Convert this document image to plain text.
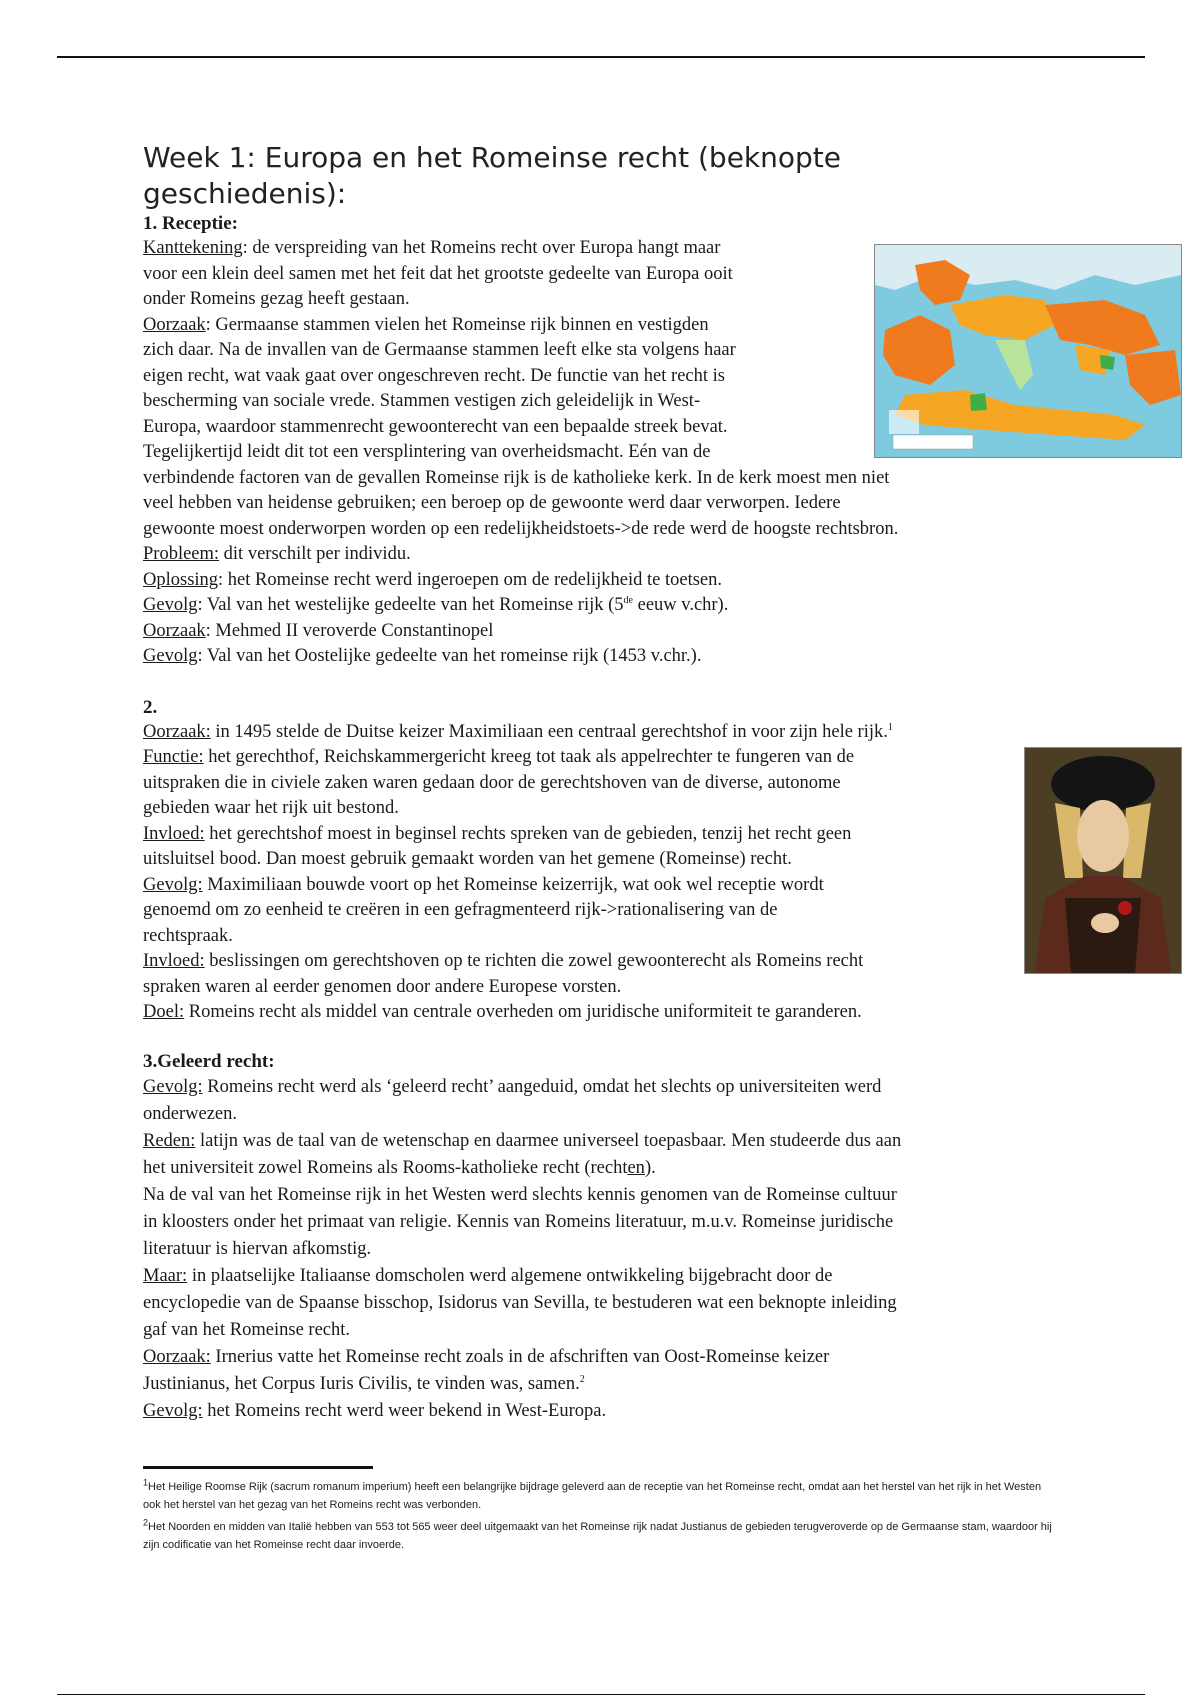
Week 1: Europa en het Romeinse recht (beknopte geschiedenis):

1. Receptie:

Kanttekening: de verspreiding van het Romeins recht over Europa hangt maar

voor een klein deel samen met het feit dat het grootste gedeelte van Europa ooit

onder Romeins gezag heeft gestaan.

Oorzaak: Germaanse stammen vielen het Romeinse rijk binnen en vestigden

zich daar. Na de invallen van de Germaanse stammen leeft elke sta volgens haar

eigen recht, wat vaak gaat over ongeschreven recht. De functie van het recht is

bescherming van sociale vrede. Stammen vestigen zich geleidelijk in West-

Europa, waardoor stammenrecht gewoonterecht van een bepaalde streek bevat.

Tegelijkertijd leidt dit tot een versplintering van overheidsmacht. Eén van de

verbindende factoren van de gevallen Romeinse rijk is de katholieke kerk. In de kerk moest men niet

veel hebben van heidense gebruiken; een beroep op de gewoonte werd daar verworpen. Iedere

gewoonte moest onderworpen worden op een redelijkheidstoets->de rede werd de hoogste rechtsbron.

Probleem: dit verschilt per individu.

Oplossing: het Romeinse recht werd ingeroepen om de redelijkheid te toetsen.

Gevolg: Val van het westelijke gedeelte van het Romeinse rijk (5de eeuw v.chr).

Oorzaak: Mehmed II veroverde Constantinopel

Gevolg: Val van het Oostelijke gedeelte van het romeinse rijk (1453 v.chr.).

2.

Oorzaak: in 1495 stelde de Duitse keizer Maximiliaan een centraal gerechtshof in voor zijn hele rijk.$^1$

Functie: het gerechthof, Reichskammergericht kreeg tot taak als appelrechter te fungeren van de

uitspraken die in civiele zaken waren gedaan door de gerechtshoven van de diverse, autonome

gebieden waar het rijk uit bestond.

Invloed: het gerechtshof moest in beginsel rechts spreken van de gebieden, tenzij het recht geen

uitsluitsel bood. Dan moest gebruik gemaakt worden van het gemene (Romeinse) recht.

Gevolg: Maximiliaan bouwde voort op het Romeinse keizerrijk, wat ook wel receptie wordt

genoemd om zo eenheid te creëren in een gefragmenteerd rijk->rationalisering van de

rechtspraak.

Invloed: beslissingen om gerechtshoven op te richten die zowel gewoonterecht als Romeins recht

spraken waren al eerder genomen door andere Europese vorsten.

Doel: Romeins recht als middel van centrale overheden om juridische uniformiteit te garanderen.

3.Geleerd recht:

Gevolg: Romeins recht werd als ‘geleerd recht’ aangeduid, omdat het slechts op universiteiten werd

onderwezen.

Reden: latijn was de taal van de wetenschap en daarmee universeel toepasbaar. Men studeerde dus aan

het universiteit zowel Romeins als Rooms-katholieke recht (rechten).

Na de val van het Romeinse rijk in het Westen werd slechts kennis genomen van de Romeinse cultuur

in kloosters onder het primaat van religie. Kennis van Romeins literatuur, m.u.v. Romeinse juridische

literatuur is hiervan afkomstig.

Maar: in plaatselijke Italiaanse domscholen werd algemene ontwikkeling bijgebracht door de

encyclopedie van de Spaanse bisschop, Isidorus van Sevilla, te bestuderen wat een beknopte inleiding

gaf van het Romeinse recht.

Oorzaak: Irnerius vatte het Romeinse recht zoals in de afschriften van Oost-Romeinse keizer

Justinianus, het Corpus Iuris Civilis, te vinden was, samen.$^2$

Gevolg: het Romeins recht werd weer bekend in West-Europa.

$^1$Het Heilige Roomse Rijk (sacrum romanum imperium) heeft een belangrijke bijdrage geleverd aan de receptie van het Romeinse recht, omdat aan het herstel van het rijk in het Westen ook het herstel van het gezag van het Romeins recht was verbonden.

$^2$Het Noorden en midden van Italië hebben van 553 tot 565 weer deel uitgemaakt van het Romeinse rijk nadat Justianus de gebieden terugveroverde op de Germaanse stam, waardoor hij zijn codificatie van het Romeinse recht daar invoerde.
